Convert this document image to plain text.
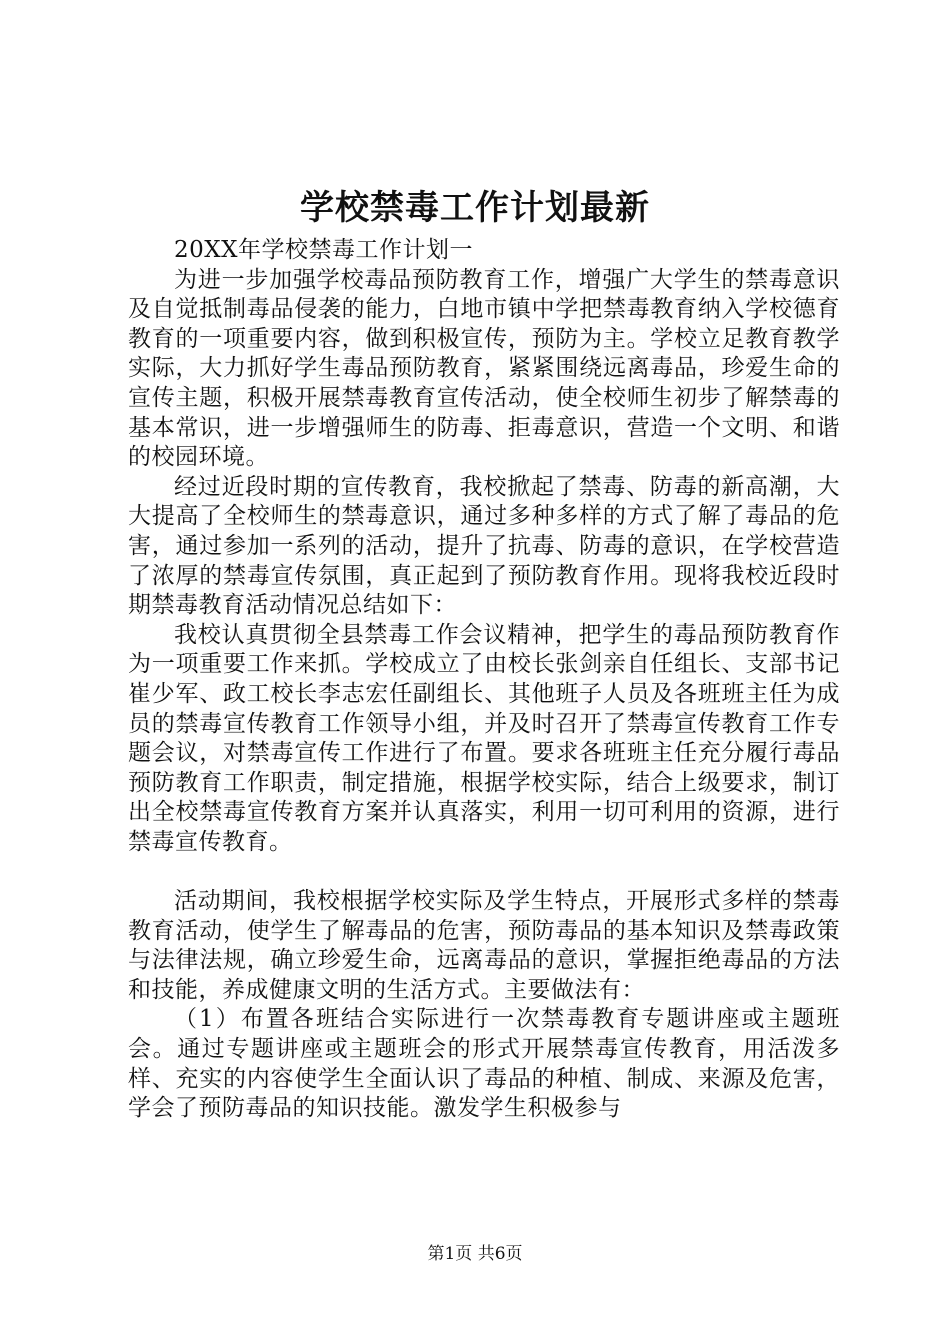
学校禁毒工作计划最新

20XX年学校禁毒工作计划一

为进一步加强学校毒品预防教育工作，增强广大学生的禁毒意识及自觉抵制毒品侵袭的能力，白地市镇中学把禁毒教育纳入学校德育教育的一项重要内容，做到积极宣传，预防为主。学校立足教育教学实际，大力抓好学生毒品预防教育，紧紧围绕远离毒品，珍爱生命的宣传主题，积极开展禁毒教育宣传活动，使全校师生初步了解禁毒的基本常识，进一步增强师生的防毒、拒毒意识，营造一个文明、和谐的校园环境。

经过近段时期的宣传教育，我校掀起了禁毒、防毒的新高潮，大大提高了全校师生的禁毒意识，通过多种多样的方式了解了毒品的危害，通过参加一系列的活动，提升了抗毒、防毒的意识，在学校营造了浓厚的禁毒宣传氛围，真正起到了预防教育作用。现将我校近段时期禁毒教育活动情况总结如下：

我校认真贯彻全县禁毒工作会议精神，把学生的毒品预防教育作为一项重要工作来抓。学校成立了由校长张剑亲自任组长、支部书记崔少军、政工校长李志宏任副组长、其他班子人员及各班班主任为成员的禁毒宣传教育工作领导小组，并及时召开了禁毒宣传教育工作专题会议，对禁毒宣传工作进行了布置。要求各班班主任充分履行毒品预防教育工作职责，制定措施，根据学校实际，结合上级要求，制订出全校禁毒宣传教育方案并认真落实，利用一切可利用的资源，进行禁毒宣传教育。

活动期间，我校根据学校实际及学生特点，开展形式多样的禁毒教育活动，使学生了解毒品的危害，预防毒品的基本知识及禁毒政策与法律法规，确立珍爱生命，远离毒品的意识，掌握拒绝毒品的方法和技能，养成健康文明的生活方式。主要做法有：

（1）布置各班结合实际进行一次禁毒教育专题讲座或主题班会。通过专题讲座或主题班会的形式开展禁毒宣传教育，用活泼多样、充实的内容使学生全面认识了毒品的种植、制成、来源及危害，学会了预防毒品的知识技能。激发学生积极参与

第1页 共6页
